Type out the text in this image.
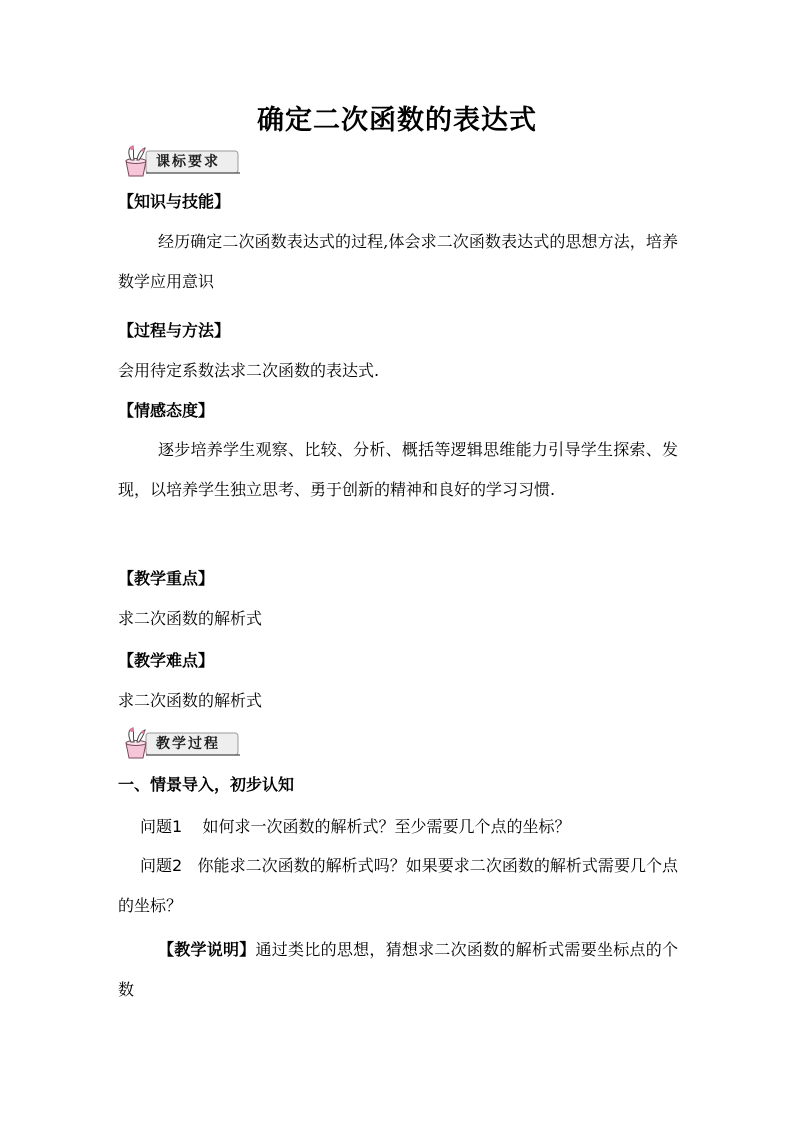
确定二次函数的表达式
课标要求
【知识与技能】

经历确定二次函数表达式的过程,体会求二次函数表达式的思想方法，培养数学应用意识

【过程与方法】

会用待定系数法求二次函数的表达式.

【情感态度】

逐步培养学生观察、比较、分析、概括等逻辑思维能力引导学生探索、发现，以培养学生独立思考、勇于创新的精神和良好的学习习惯.

【教学重点】

求二次函数的解析式

【教学难点】

求二次函数的解析式

教学过程
一、情景导入，初步认知

问题1 如何求一次函数的解析式？至少需要几个点的坐标？

问题2 你能求二次函数的解析式吗？如果要求二次函数的解析式需要几个点的坐标？

【教学说明】通过类比的思想，猜想求二次函数的解析式需要坐标点的个数
